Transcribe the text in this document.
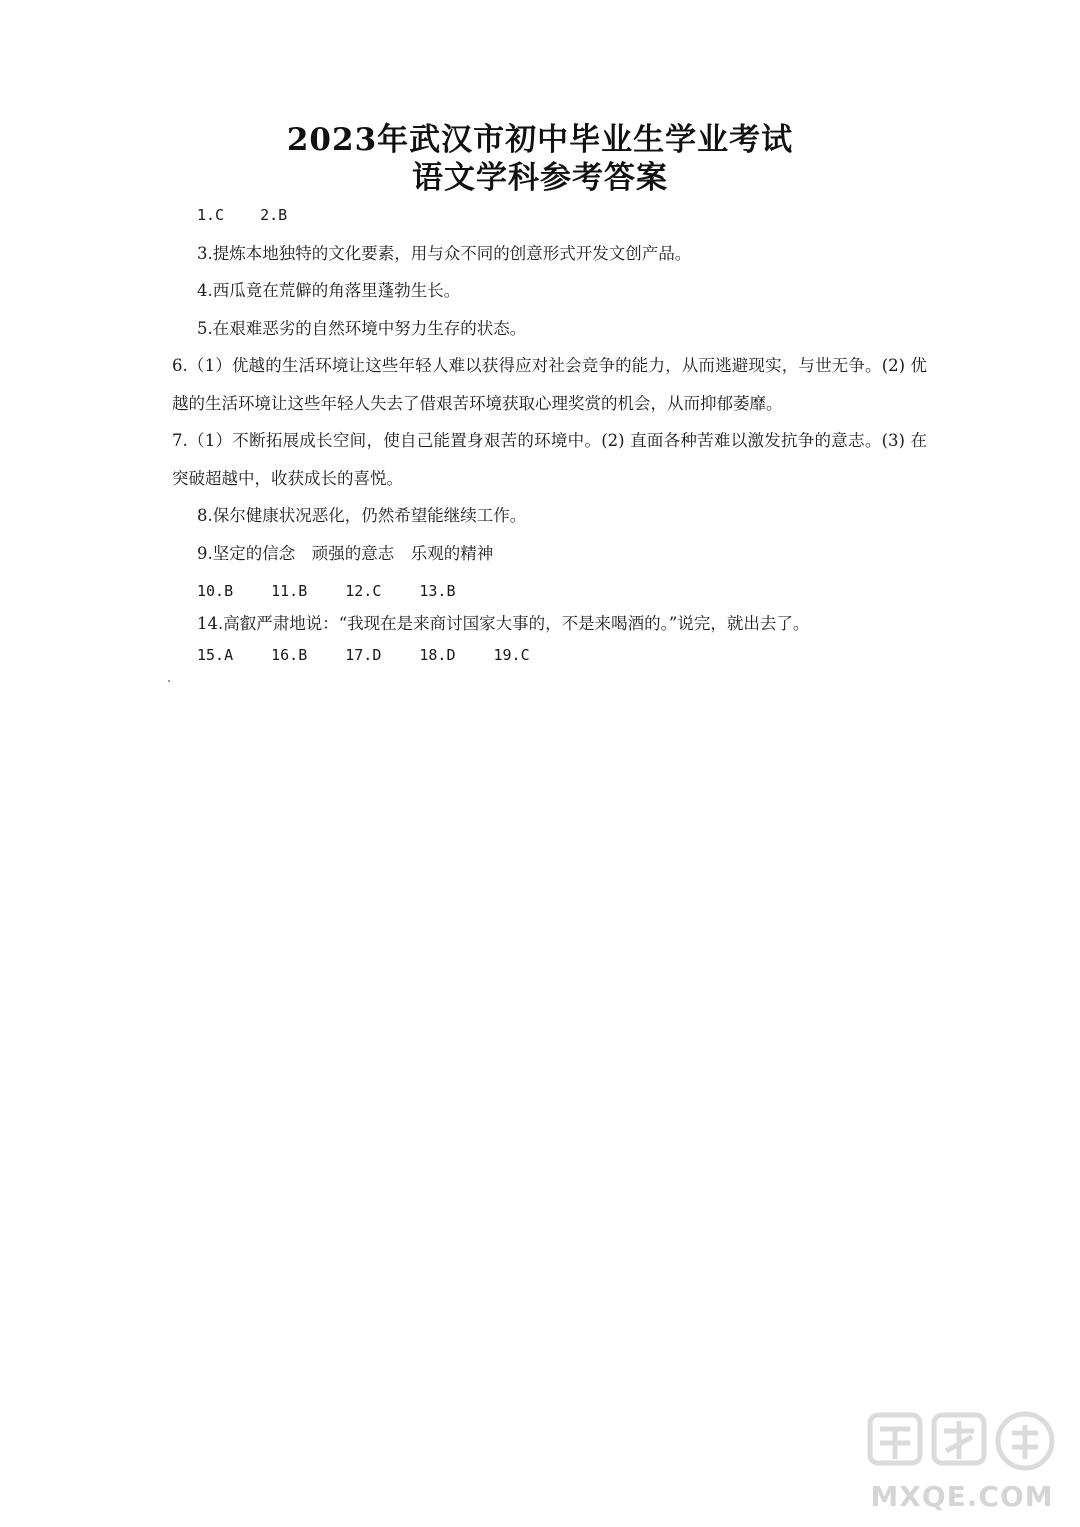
2023年武汉市初中毕业生学业考试
语文学科参考答案
1.C 2.B
3.提炼本地独特的文化要素，用与众不同的创意形式开发文创产品。
4.西瓜竟在荒僻的角落里蓬勃生长。
5.在艰难恶劣的自然环境中努力生存的状态。
6.（1）优越的生活环境让这些年轻人难以获得应对社会竞争的能力，从而逃避现实，与世无争。(2) 优越的生活环境让这些年轻人失去了借艰苦环境获取心理奖赏的机会，从而抑郁萎靡。
7.（1）不断拓展成长空间，使自己能置身艰苦的环境中。(2) 直面各种苦难以激发抗争的意志。(3) 在突破超越中，收获成长的喜悦。
8.保尔健康状况恶化，仍然希望能继续工作。
9.坚定的信念　顽强的意志　乐观的精神
10.B	11.B	12.C	13.B
14.高叡严肃地说：“我现在是来商讨国家大事的，不是来喝酒的。”说完，就出去了。
15.A	16.B	17.D	18.D	19.C
MXQE.COM
